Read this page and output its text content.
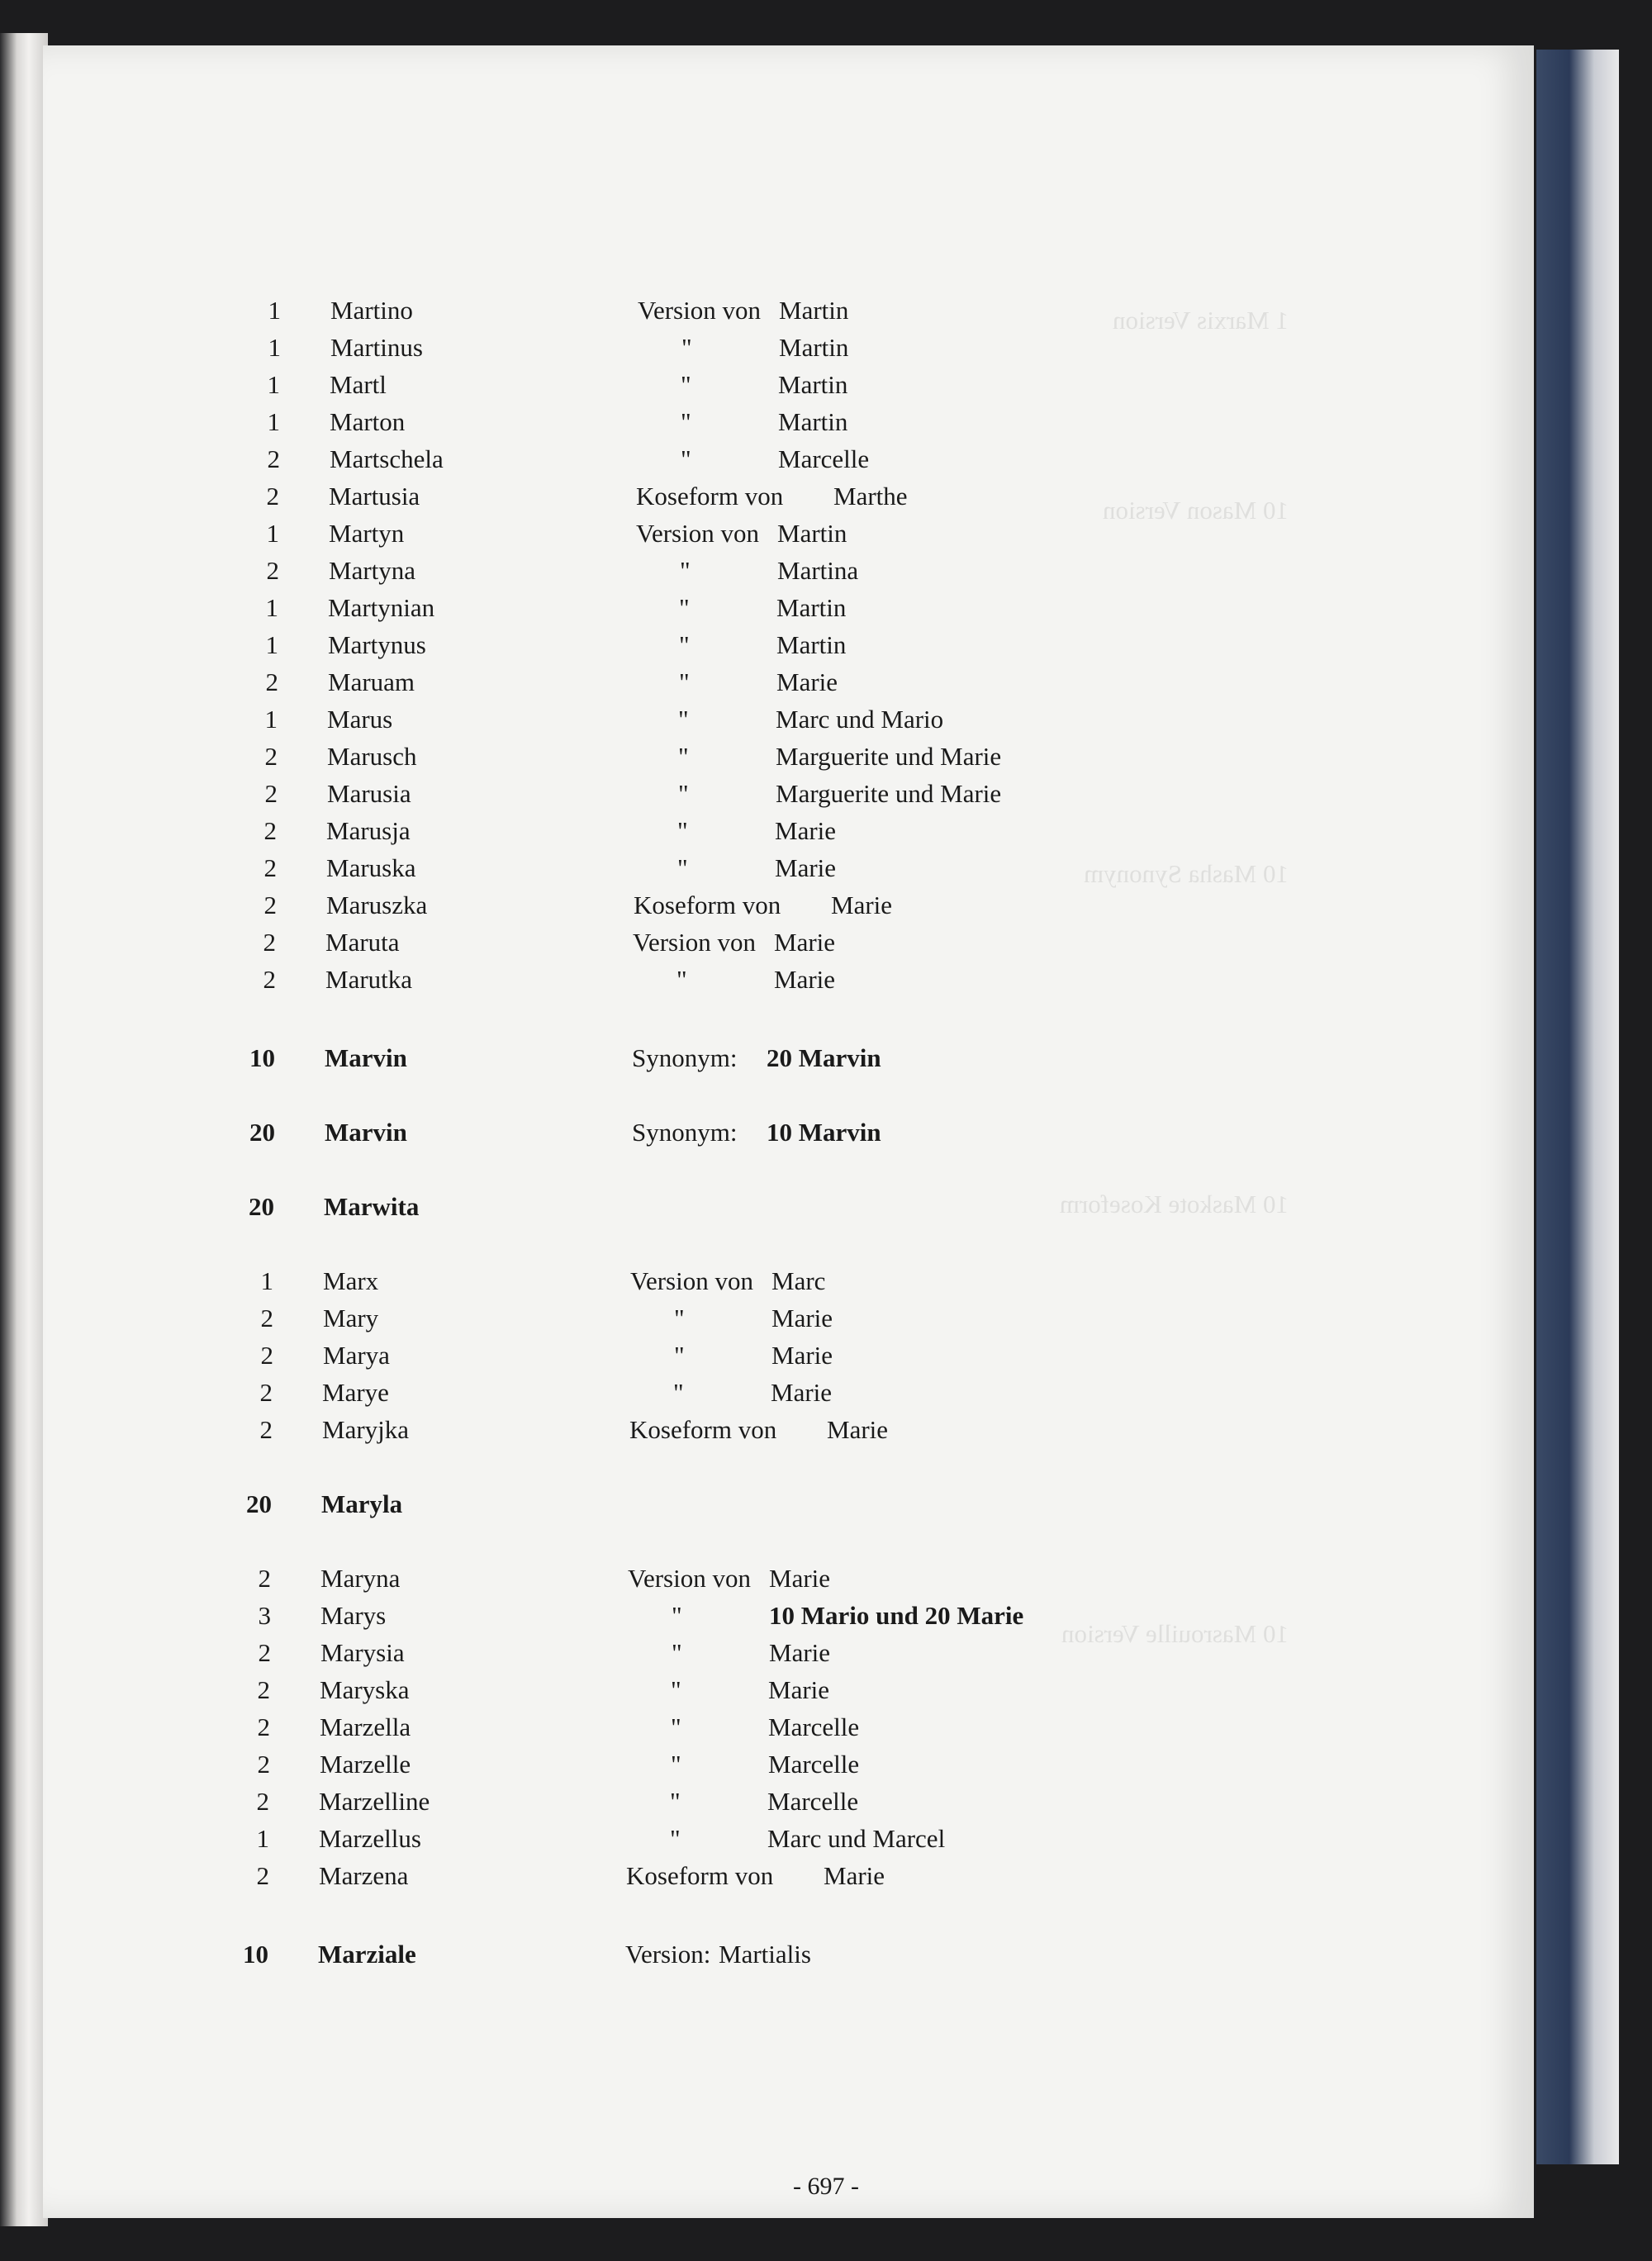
1 Marxis Version
10 Mason Version
10 Masha Synonym
10 Maskote Koseform
10 Masrouille Version
1 Martino	Version von Martin
1 Martinus	"	Martin
1 Martl	"	Martin
1 Marton	"	Martin
2 Martschela	"	Marcelle
2 Martusia	Koseform von Marthe
1 Martyn	Version von Martin
2 Martyna	"	Martina
1 Martynian	"	Martin
1 Martynus	"	Martin
2 Maruam	"	Marie
1 Marus	"	Marc und Mario
2 Marusch	"	Marguerite und Marie
2 Marusia	"	Marguerite und Marie
2 Marusja	"	Marie
2 Maruska	"	Marie
2 Maruszka	Koseform von Marie
2 Maruta	Version von Marie
2 Marutka	"	Marie
10 Marvin	Synonym: 20 Marvin
20 Marvin	Synonym: 10 Marvin
20 Marwita
1 Marx	Version von Marc
2 Mary	"	Marie
2 Marya	"	Marie
2 Marye	"	Marie
2 Maryjka	Koseform von Marie
20 Maryla
2 Maryna	Version von Marie
3 Marys	"	10 Mario und 20 Marie
2 Marysia	"	Marie
2 Maryska	"	Marie
2 Marzella	"	Marcelle
2 Marzelle	"	Marcelle
2 Marzelline	"	Marcelle
1 Marzellus	"	Marc und Marcel
2 Marzena	Koseform von Marie
10 Marziale	Version: Martialis
- 697 -
